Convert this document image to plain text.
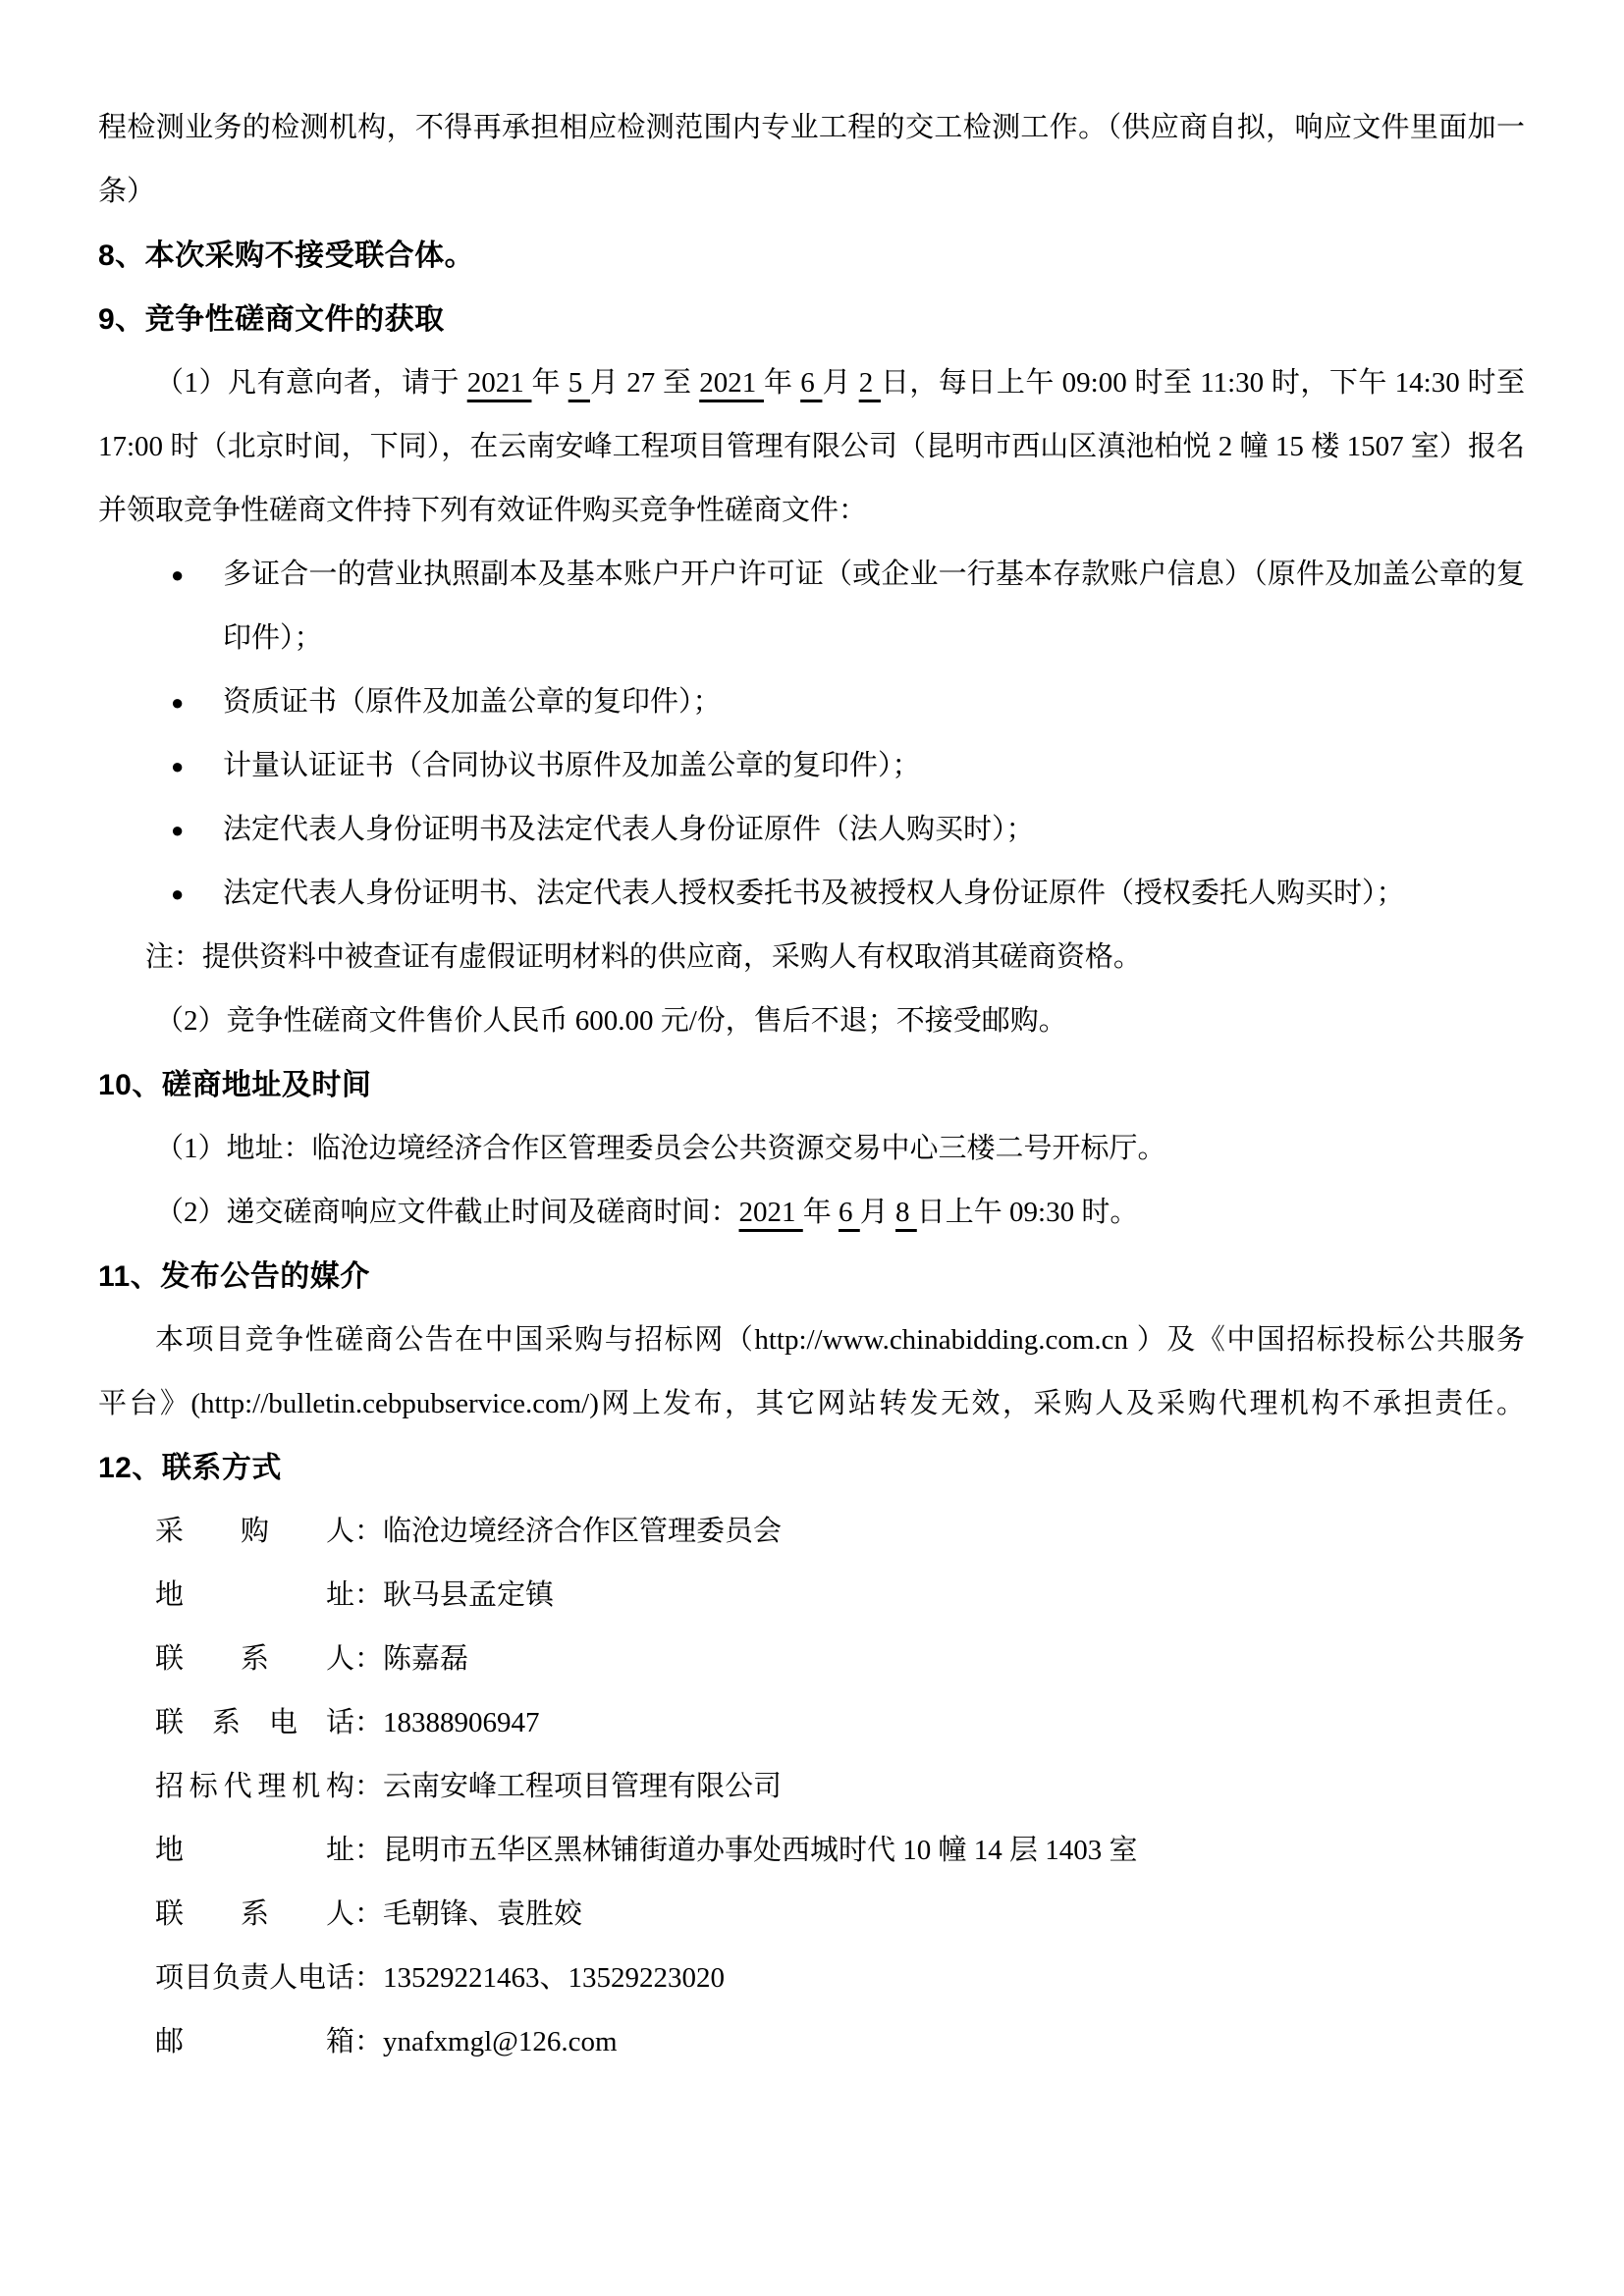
程检测业务的检测机构，不得再承担相应检测范围内专业工程的交工检测工作。（供应商自拟，响应文件里面加一
条）
8、本次采购不接受联合体。
9、竞争性磋商文件的获取
（1）凡有意向者，请于 2021 年 5 月 27 至 2021 年 6 月 2 日，每日上午 09:00 时至 11:30 时，下午 14:30 时至
17:00 时（北京时间，下同），在云南安峰工程项目管理有限公司（昆明市西山区滇池柏悦 2 幢 15 楼 1507 室）报名
并领取竞争性磋商文件持下列有效证件购买竞争性磋商文件：
● 多证合一的营业执照副本及基本账户开户许可证（或企业一行基本存款账户信息）（原件及加盖公章的复
印件）；
● 资质证书（原件及加盖公章的复印件）；
● 计量认证证书（合同协议书原件及加盖公章的复印件）；
● 法定代表人身份证明书及法定代表人身份证原件（法人购买时）；
● 法定代表人身份证明书、法定代表人授权委托书及被授权人身份证原件（授权委托人购买时）；
注：提供资料中被查证有虚假证明材料的供应商，采购人有权取消其磋商资格。
（2）竞争性磋商文件售价人民币 600.00 元/份，售后不退；不接受邮购。
10、磋商地址及时间
（1）地址：临沧边境经济合作区管理委员会公共资源交易中心三楼二号开标厅。
（2）递交磋商响应文件截止时间及磋商时间：2021 年 6 月 8 日上午 09:30 时。
11、发布公告的媒介
本项目竞争性磋商公告在中国采购与招标网（http://www.chinabidding.com.cn ）及《中国招标投标公共服务
平台》(http://bulletin.cebpubservice.com/)网上发布，其它网站转发无效，采购人及采购代理机构不承担责任。
12、联系方式
采购人：临沧边境经济合作区管理委员会
地址：耿马县孟定镇
联系人：陈嘉磊
联系电话：18388906947
招标代理机构：云南安峰工程项目管理有限公司
地址：昆明市五华区黑林铺街道办事处西城时代 10 幢 14 层 1403 室
联系人：毛朝锋、袁胜姣
项目负责人电话：13529221463、13529223020
邮箱：ynafxmgl@126.com
